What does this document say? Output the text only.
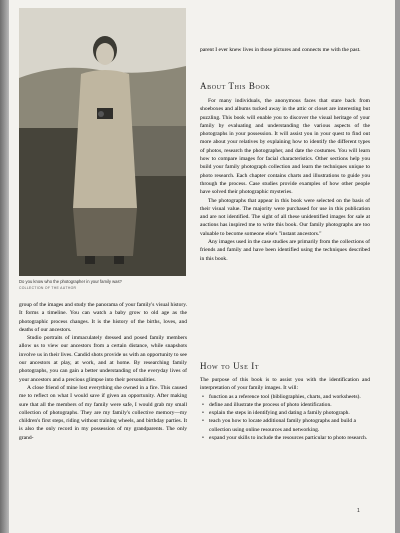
Do you know who the photographer in your family was?
COLLECTION OF THE AUTHOR

group of the images and study the panorama of your family's visual history. It forms a timeline. You can watch a baby grow to old age as the photographic process changes. It is the history of the births, loves, and deaths of our ancestors.

Studio portraits of immaculately dressed and posed family members allow us to view our ancestors from a certain distance, while snapshots involve us in their lives. Candid shots provide us with an opportunity to see our ancestors at play, at work, and at home. By researching family photographs, you can gain a better understanding of the everyday lives of your ancestors and a precious glimpse into their personalities.

A close friend of mine lost everything she owned in a fire. This caused me to reflect on what I would save if given an opportunity. After making sure that all the members of my family were safe, I would grab my small collection of photographs. They are my family's collective memory—my children's first steps, riding without training wheels, and birthday parties. It is also the only record in my possession of my grandparents. The only grand-

parent I ever knew lives in those pictures and connects me with the past.
About This Book

For many individuals, the anonymous faces that stare back from shoeboxes and albums tucked away in the attic or closet are interesting but puzzling. This book will enable you to discover the visual heritage of your family by evaluating and understanding the various aspects of the photographs in your possession. It will assist you in your quest to find out more about your relatives by explaining how to identify the different types of photos, research the photographer, and date the costumes. You will learn how to compare images for facial characteristics. Other sections help you build your family photograph collection and learn the techniques unique to photo research. Each chapter contains charts and illustrations to guide you through the process. Case studies provide examples of how other people have solved their photographic mysteries.

The photographs that appear in this book were selected on the basis of their visual value. The majority were purchased for use in this publication and are not identified. The sight of all these unidentified images for sale at auctions has inspired me to write this book. Our family photographs are too valuable to become someone else's "instant ancestors."

Any images used in the case studies are primarily from the collections of friends and family and have been identified using the techniques described in this book.

How to Use It

The purpose of this book is to assist you with the identification and interpretation of your family images. It will:

• function as a reference tool (bibliographies, charts, and worksheets).
• define and illustrate the process of photo identification.
• explain the steps in identifying and dating a family photograph.
• teach you how to locate additional family photographs and build a collection using online resources and networking.
• expand your skills to include the resources particular to photo research.
1
